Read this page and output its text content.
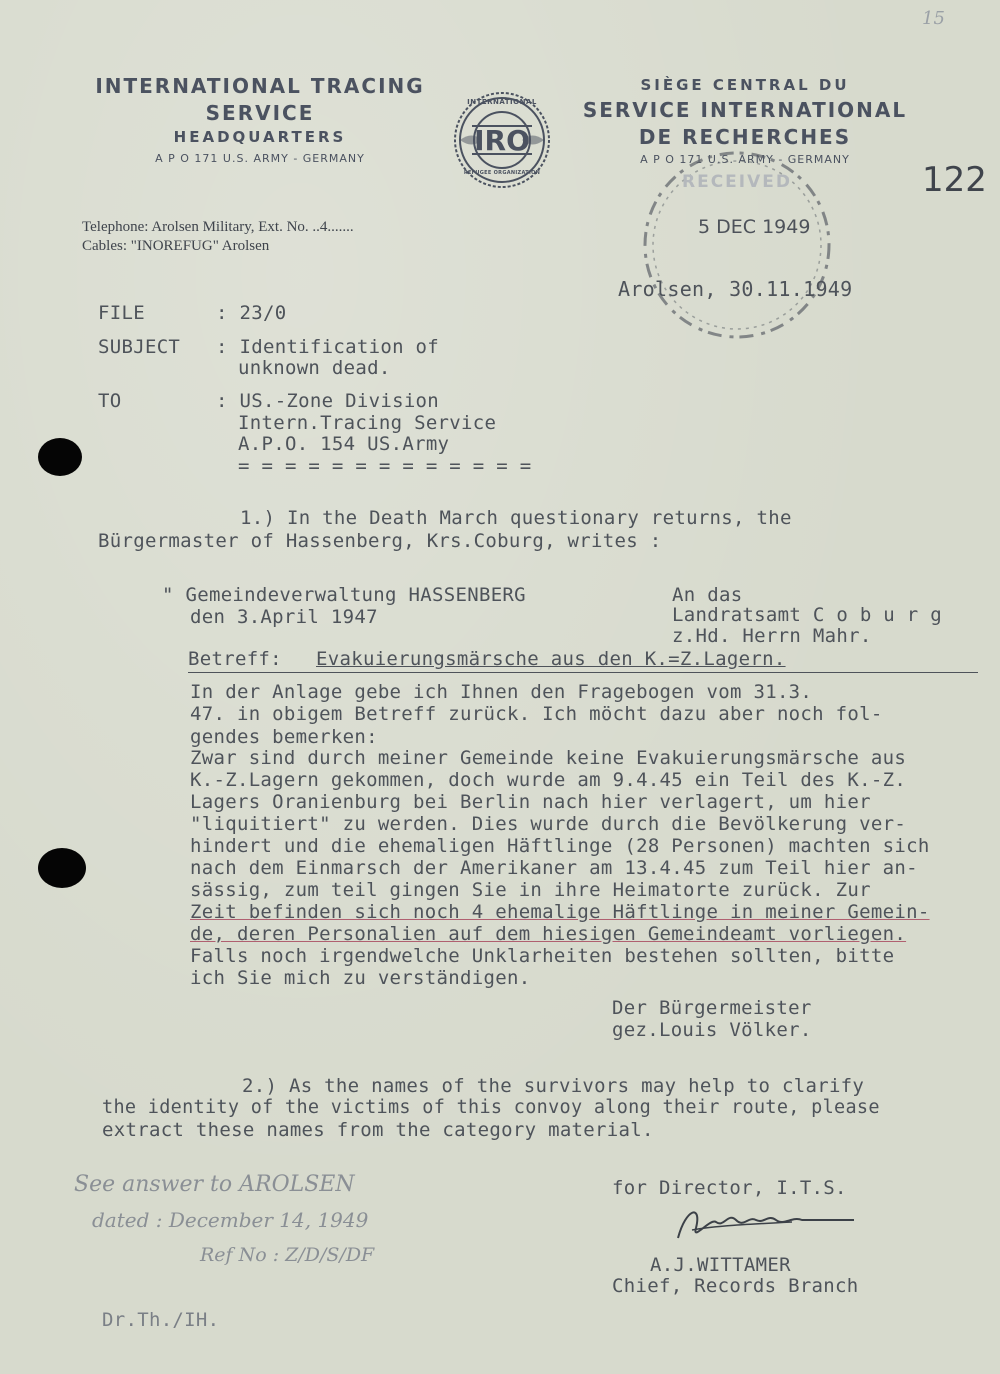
15
INTERNATIONAL TRACING
SERVICE
HEADQUARTERS
A P O 171 U.S. ARMY - GERMANY
IRO
INTERNATIONAL
REFUGEE ORGANIZATION
SIÈGE CENTRAL DU
SERVICE INTERNATIONAL
DE RECHERCHES
A P O 171 U.S. ARMY - GERMANY
122
Telephone: Arolsen Military, Ext. No. ..4.......
Cables: "INOREFUG" Arolsen
RECEIVED
5 DEC 1949
Arolsen, 30.11.1949
FILE	: 23/0
SUBJECT : Identification of
unknown dead.
TO	: US.-Zone Division
Intern.Tracing Service
A.P.O. 154 US.Army
= = = = = = = = = = = = =
1.) In the Death March questionary returns, the
Bürgermaster of Hassenberg, Krs.Coburg, writes :
" Gemeindeverwaltung HASSENBERG
den 3.April 1947
An das
Landratsamt C o b u r g
z.Hd. Herrn Mahr.
Betreff: Evakuierungsmärsche aus den K.=Z.Lagern.
In der Anlage gebe ich Ihnen den Fragebogen vom 31.3.
47. in obigem Betreff zurück. Ich möcht dazu aber noch fol-
gendes bemerken:
Zwar sind durch meiner Gemeinde keine Evakuierungsmärsche aus
K.-Z.Lagern gekommen, doch wurde am 9.4.45 ein Teil des K.-Z.
Lagers Oranienburg bei Berlin nach hier verlagert, um hier
"liquitiert" zu werden. Dies wurde durch die Bevölkerung ver-
hindert und die ehemaligen Häftlinge (28 Personen) machten sich
nach dem Einmarsch der Amerikaner am 13.4.45 zum Teil hier an-
sässig, zum teil gingen Sie in ihre Heimatorte zurück. Zur
Zeit befinden sich noch 4 ehemalige Häftlinge in meiner Gemein-
de, deren Personalien auf dem hiesigen Gemeindeamt vorliegen.
Falls noch irgendwelche Unklarheiten bestehen sollten, bitte
ich Sie mich zu verständigen.
Der Bürgermeister
gez.Louis Völker.
2.) As the names of the survivors may help to clarify
the identity of the victims of this convoy along their route, please
extract these names from the category material.
See answer to AROLSEN
dated : December 14, 1949
Ref No : Z/D/S/DF
for Director, I.T.S.
A.J.WITTAMER
Chief, Records Branch
Dr.Th./IH.
